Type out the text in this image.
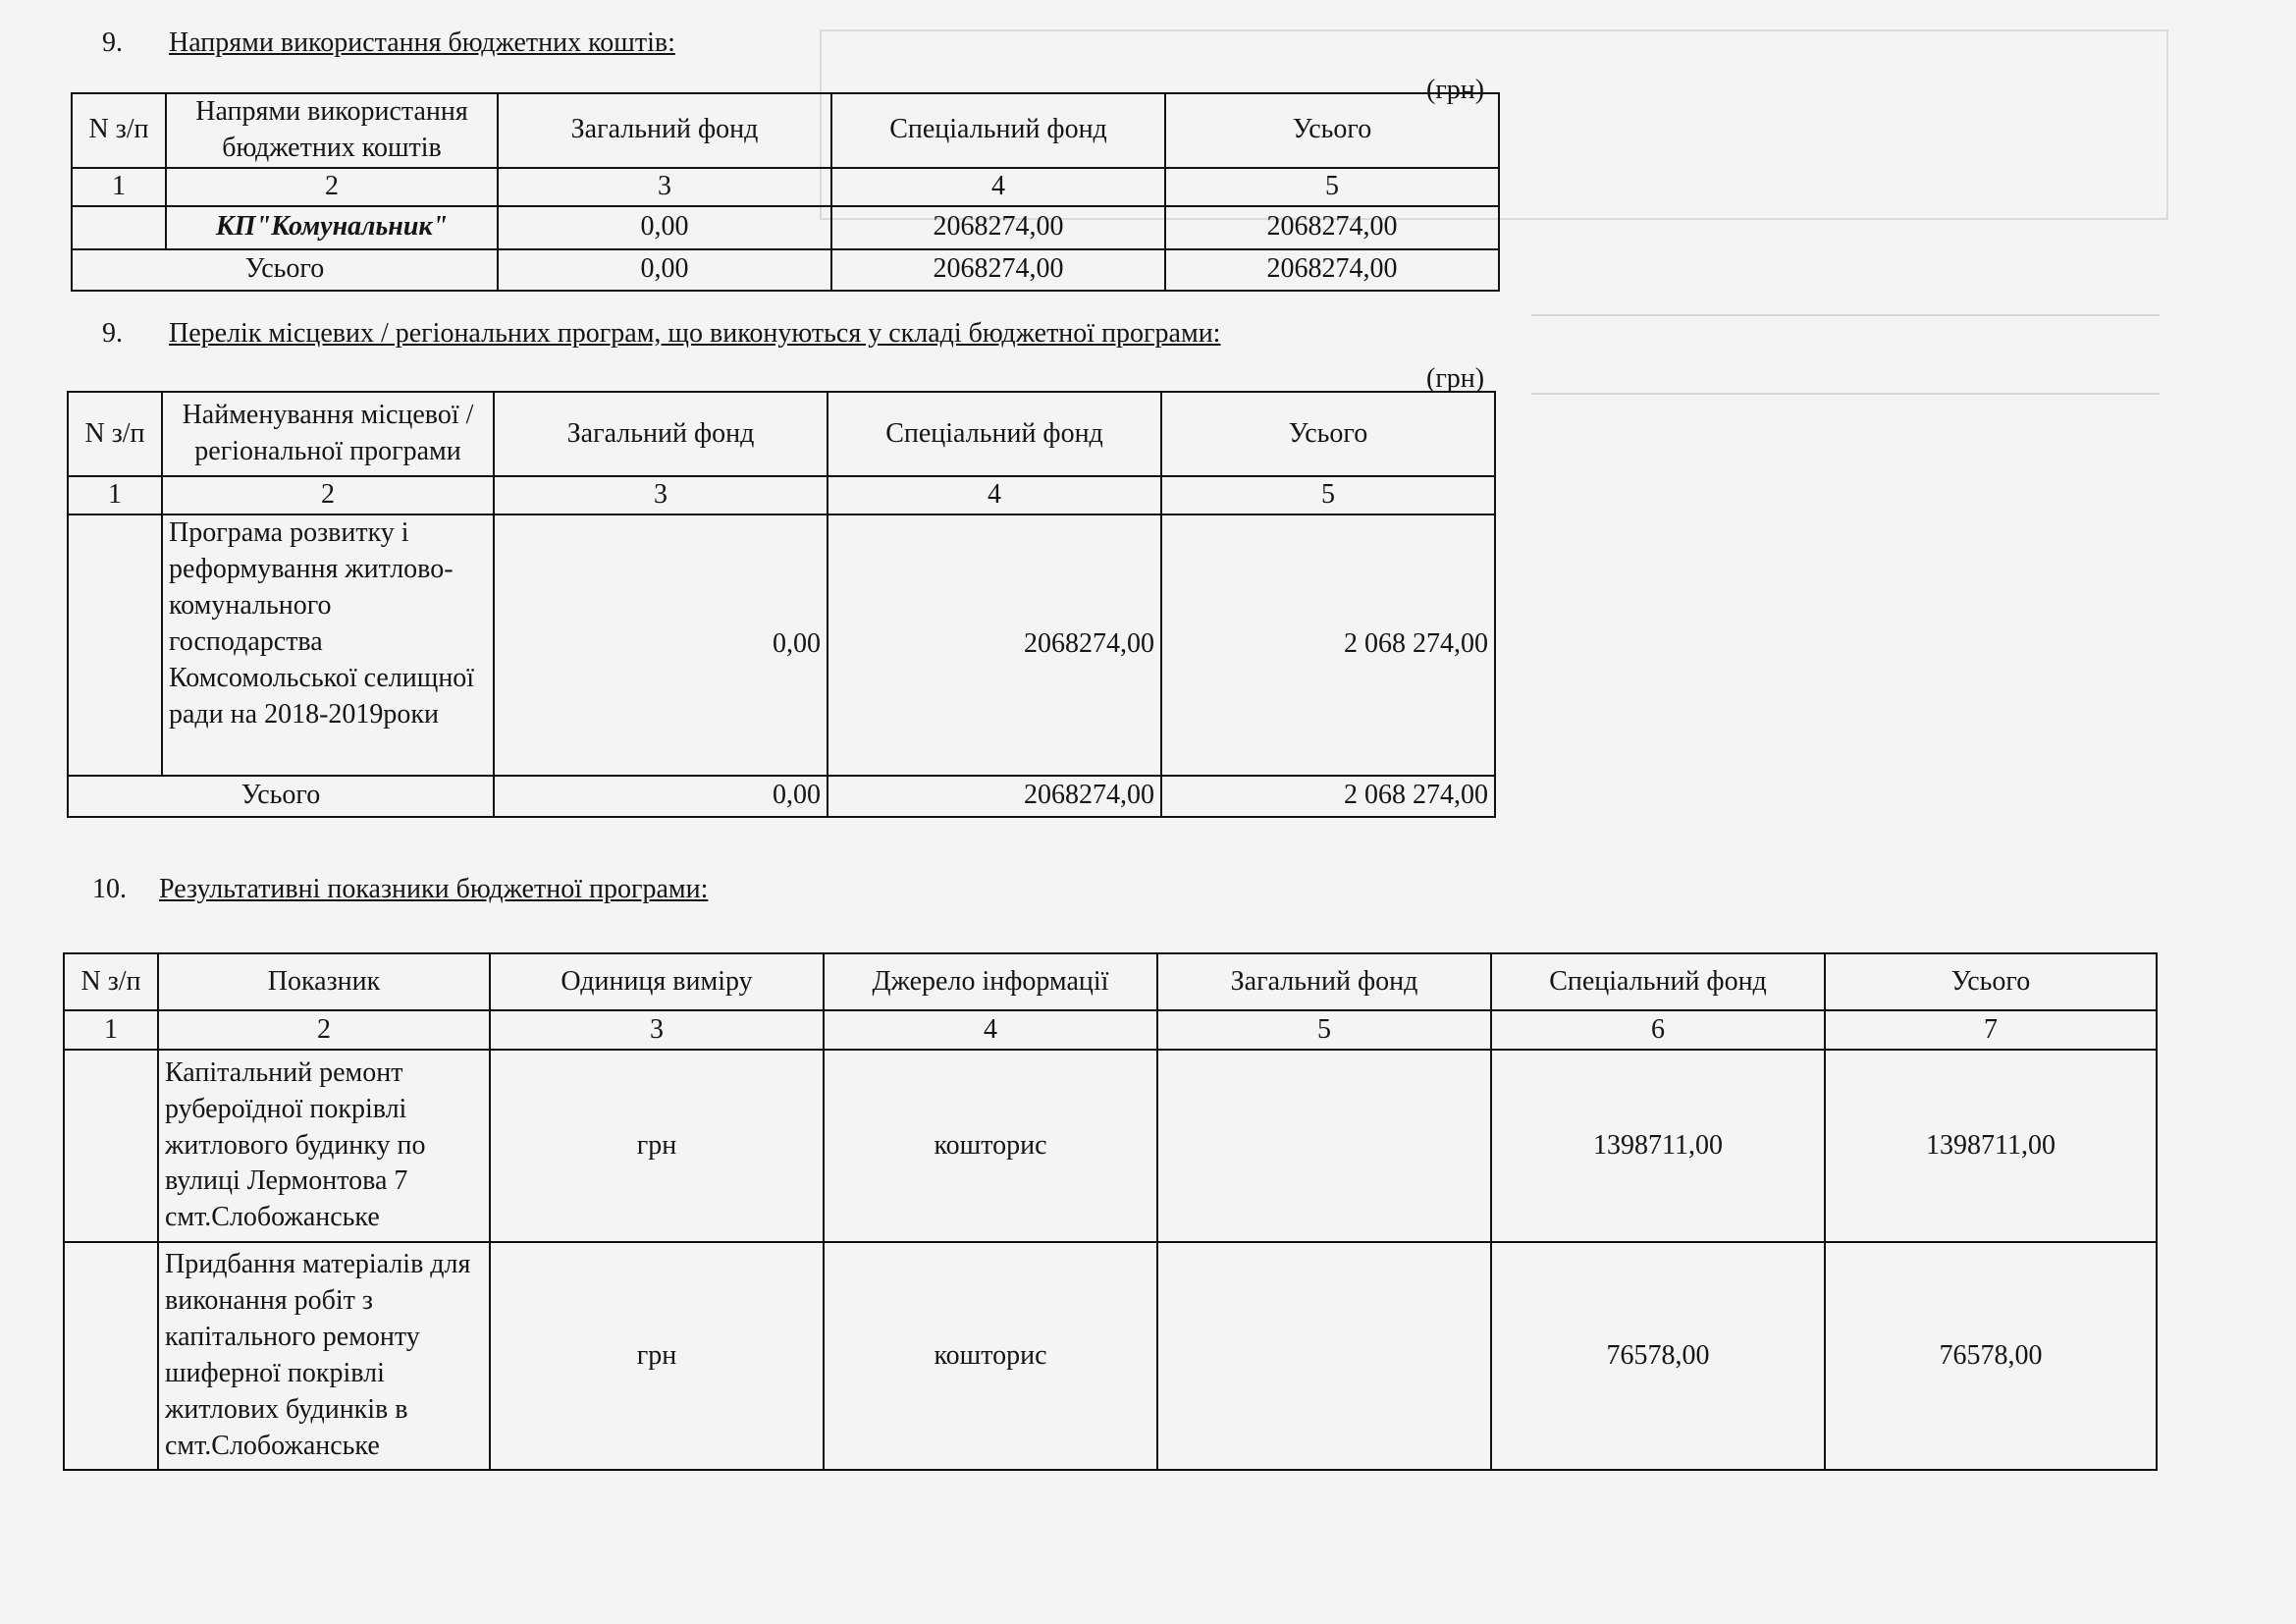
9. Напрями використання бюджетних коштів:
(грн)
N з/п	Напрями використання бюджетних коштів	Загальний фонд	Спеціальний фонд	Усього
1	2	3	4	5
	КП"Комунальник"	0,00	2068274,00	2068274,00
Усього		0,00	2068274,00	2068274,00
9. Перелік місцевих / регіональних програм, що виконуються у складі бюджетної програми:
(грн)
N з/п	Найменування місцевої / регіональної програми	Загальний фонд	Спеціальний фонд	Усього
1	2	3	4	5
	Програма розвитку і реформування житлово-комунального господарства Комсомольської селищної ради на 2018-2019роки	0,00	2068274,00	2 068 274,00
Усього		0,00	2068274,00	2 068 274,00
10. Результативні показники бюджетної програми:
N з/п	Показник	Одиниця виміру	Джерело інформації	Загальний фонд	Спеціальний фонд	Усього
1	2	3	4	5	6	7
	Капітальний ремонт руберoїдної покрівлі житлового будинку по вулиці Лермонтова 7 смт.Слобожанське	грн	кошторис		1398711,00	1398711,00
	Придбання матеріалів для виконання робіт з капітального ремонту шиферної покрівлі житлових будинків в смт.Слобожанське	грн	кошторис		76578,00	76578,00
